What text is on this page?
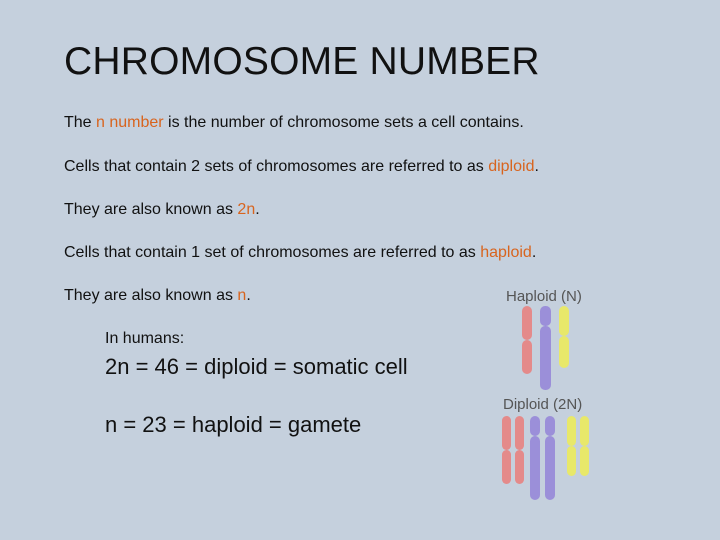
CHROMOSOME NUMBER
The n number is the number of chromosome sets a cell contains.
Cells that contain 2 sets of chromosomes are referred to as diploid.
They are also known as 2n.
Cells that contain 1 set of chromosomes are referred to as haploid.
They are also known as n.
In humans:
2n = 46 = diploid = somatic cell
n = 23 = haploid = gamete
Haploid (N)
Diploid (2N)
